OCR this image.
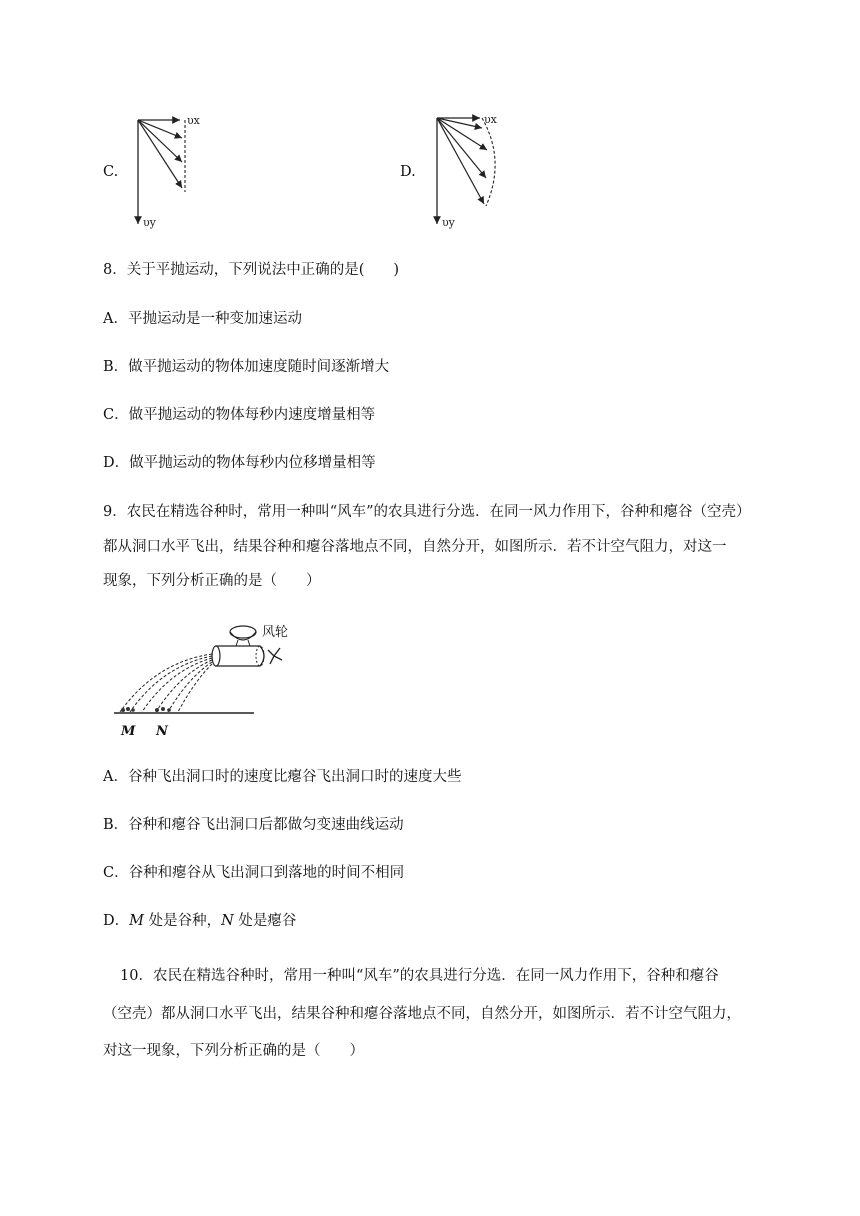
C.
υx
υy
D.
υx
υy
8．关于平抛运动，下列说法中正确的是(　　)
A．平抛运动是一种变加速运动
B．做平抛运动的物体加速度随时间逐渐增大
C．做平抛运动的物体每秒内速度增量相等
D．做平抛运动的物体每秒内位移增量相等
9．农民在精选谷种时，常用一种叫“风车”的农具进行分选．在同一风力作用下，谷种和瘪谷（空壳）
都从洞口水平飞出，结果谷种和瘪谷落地点不同，自然分开，如图所示．若不计空气阻力，对这一
现象，下列分析正确的是（　　）
风轮
M N
A．谷种飞出洞口时的速度比瘪谷飞出洞口时的速度大些
B．谷种和瘪谷飞出洞口后都做匀变速曲线运动
C．谷种和瘪谷从飞出洞口到落地的时间不相同
D．M 处是谷种，N 处是瘪谷
10．农民在精选谷种时，常用一种叫“风车”的农具进行分选．在同一风力作用下，谷种和瘪谷
（空壳）都从洞口水平飞出，结果谷种和瘪谷落地点不同，自然分开，如图所示．若不计空气阻力，
对这一现象，下列分析正确的是（　　）
